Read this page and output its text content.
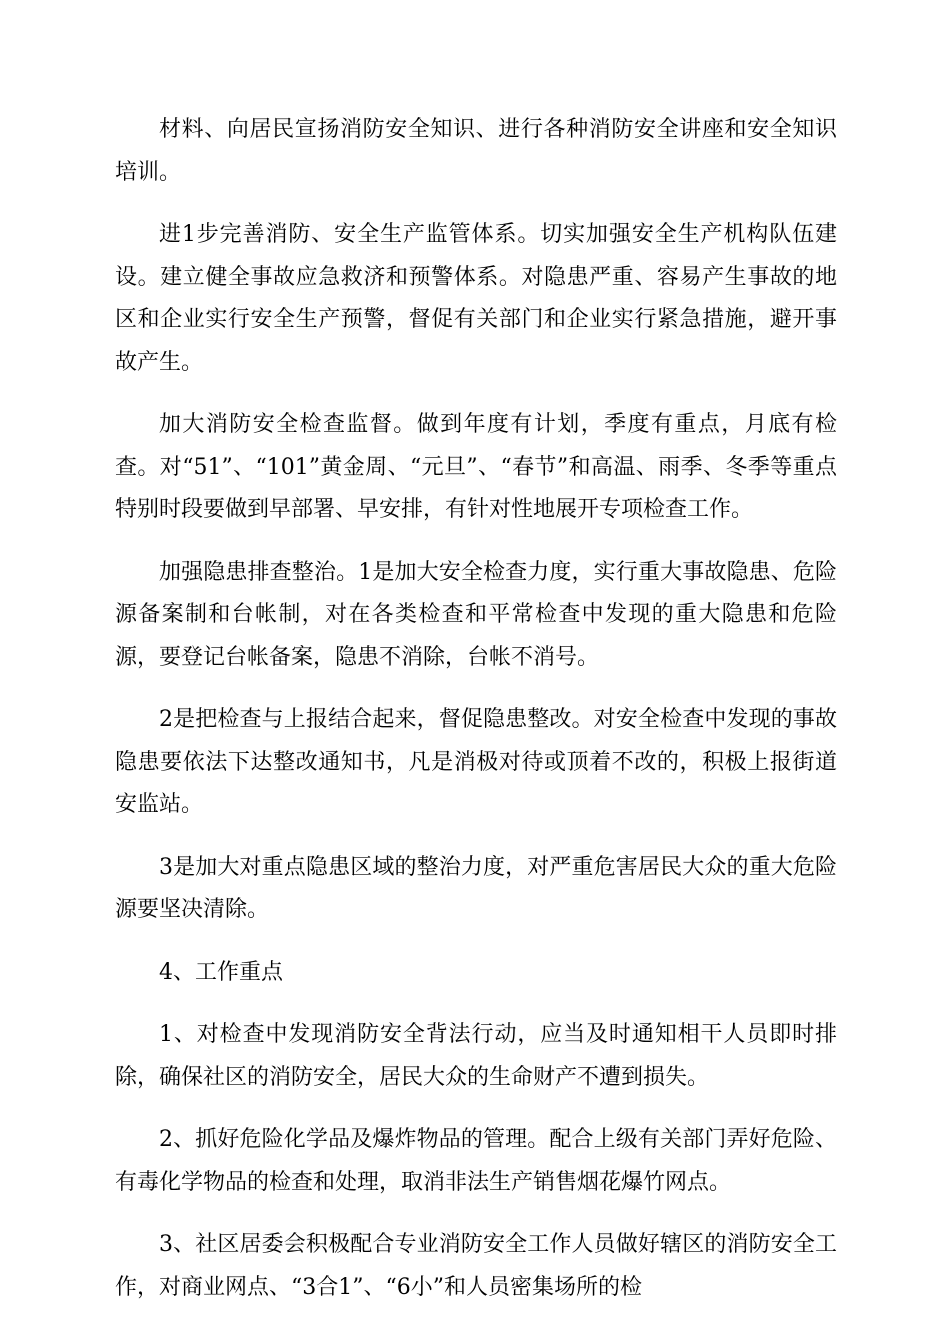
材料、向居民宣扬消防安全知识、进行各种消防安全讲座和安全知识培训。

进1步完善消防、安全生产监管体系。切实加强安全生产机构队伍建设。建立健全事故应急救济和预警体系。对隐患严重、容易产生事故的地区和企业实行安全生产预警，督促有关部门和企业实行紧急措施，避开事故产生。

加大消防安全检查监督。做到年度有计划，季度有重点，月底有检查。对“51”、“101”黄金周、“元旦”、“春节”和高温、雨季、冬季等重点特别时段要做到早部署、早安排，有针对性地展开专项检查工作。

加强隐患排查整治。1是加大安全检查力度，实行重大事故隐患、危险源备案制和台帐制，对在各类检查和平常检查中发现的重大隐患和危险源，要登记台帐备案，隐患不消除，台帐不消号。

2是把检查与上报结合起来，督促隐患整改。对安全检查中发现的事故隐患要依法下达整改通知书，凡是消极对待或顶着不改的，积极上报街道安监站。

3是加大对重点隐患区域的整治力度，对严重危害居民大众的重大危险源要坚决清除。

4、工作重点

1、对检查中发现消防安全背法行动，应当及时通知相干人员即时排除，确保社区的消防安全，居民大众的生命财产不遭到损失。

2、抓好危险化学品及爆炸物品的管理。配合上级有关部门弄好危险、有毒化学物品的检查和处理，取消非法生产销售烟花爆竹网点。

3、社区居委会积极配合专业消防安全工作人员做好辖区的消防安全工作，对商业网点、“3合1”、“6小”和人员密集场所的检
